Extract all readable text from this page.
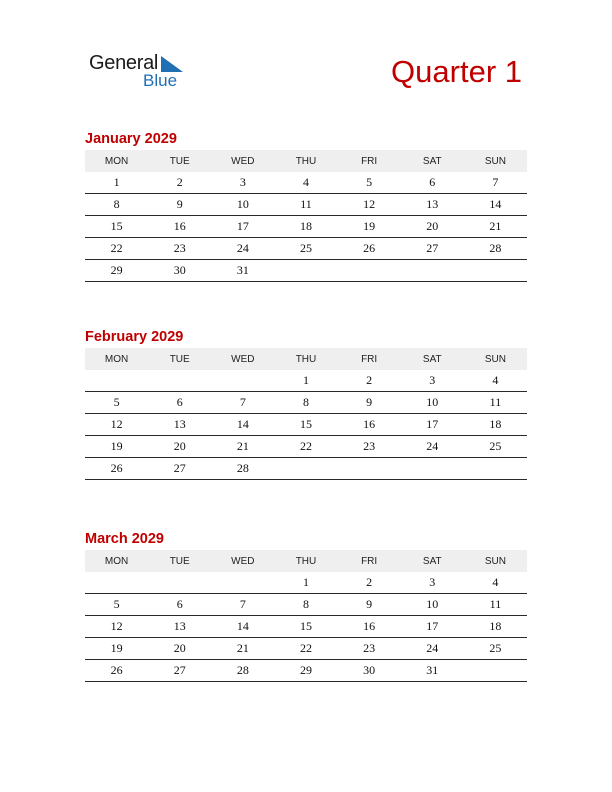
General
Blue	Quarter 1
January 2029
MON	TUE	WED	THU	FRI	SAT	SUN
1	2	3	4	5	6	7
8	9	10	11	12	13	14
15	16	17	18	19	20	21
22	23	24	25	26	27	28
29	30	31				
February 2029
MON	TUE	WED	THU	FRI	SAT	SUN
			1	2	3	4
5	6	7	8	9	10	11
12	13	14	15	16	17	18
19	20	21	22	23	24	25
26	27	28				
March 2029
MON	TUE	WED	THU	FRI	SAT	SUN
			1	2	3	4
5	6	7	8	9	10	11
12	13	14	15	16	17	18
19	20	21	22	23	24	25
26	27	28	29	30	31	
